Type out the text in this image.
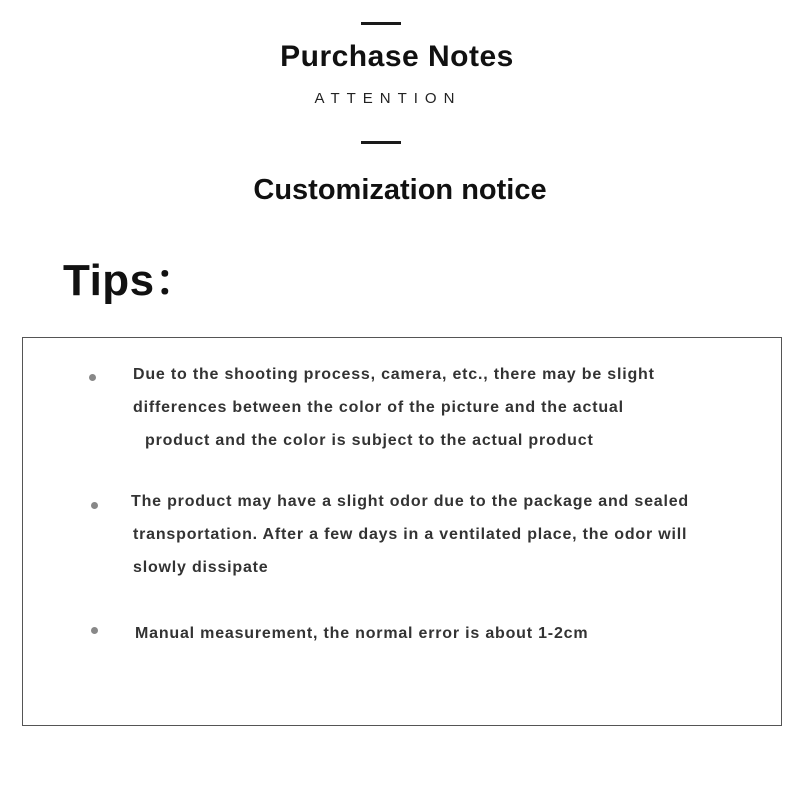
Purchase Notes
ATTENTION
Customization notice
Tips：
Due to the shooting process, camera, etc., there may be slight
differences between the color of the picture and the actual
product and the color is subject to the actual product
The product may have a slight odor due to the package and sealed
transportation. After a few days in a ventilated place, the odor will
slowly dissipate
Manual measurement, the normal error is about 1-2cm
